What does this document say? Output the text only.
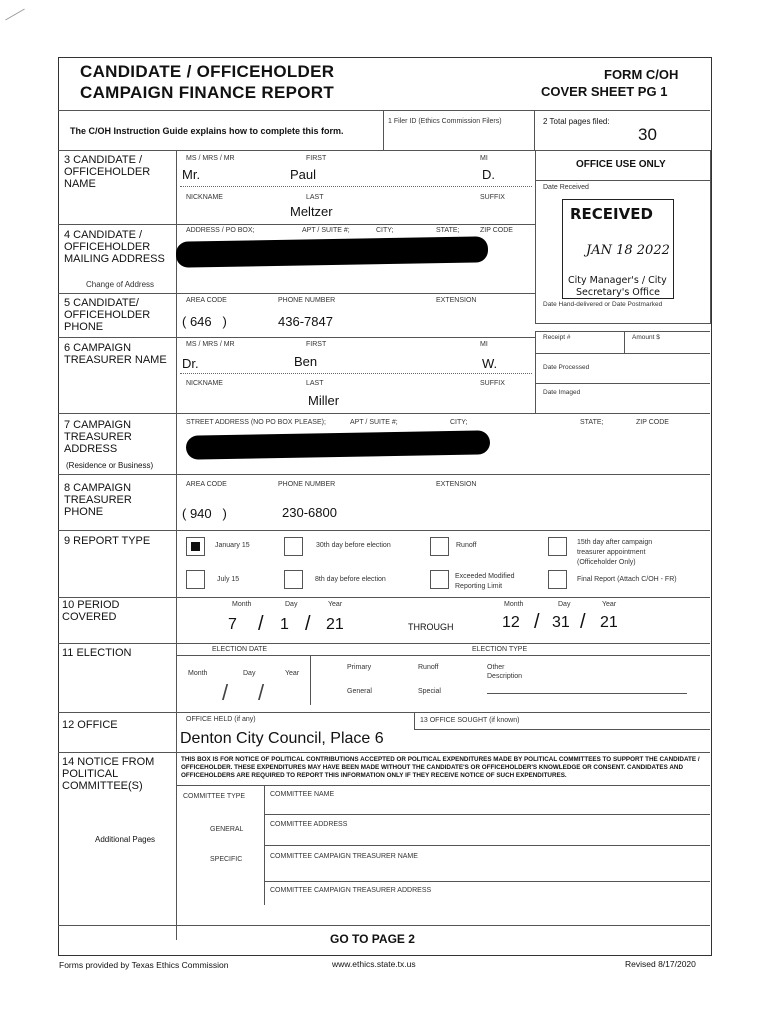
CANDIDATE / OFFICEHOLDER
CAMPAIGN FINANCE REPORT
FORM C/OH
COVER SHEET PG 1
The C/OH Instruction Guide explains how to complete this form.
1 Filer ID (Ethics Commission Filers)	2 Total pages filed:
30
OFFICE USE ONLY
Date Received
RECEIVED
JAN 18 2022
City Manager's / City
Secretary's Office
Date Hand-delivered or Date Postmarked
Receipt #	Amount $
Date Processed
Date Imaged
3 CANDIDATE / OFFICEHOLDER NAME
MS / MRS / MR	FIRST	MI
Mr.	Paul	D.
NICKNAME	LAST	SUFFIX
Meltzer
4 CANDIDATE / OFFICEHOLDER MAILING ADDRESS
ADDRESS / PO BOX;	APT / SUITE #;	CITY;	STATE;	ZIP CODE
Change of Address
5 CANDIDATE/ OFFICEHOLDER PHONE
AREA CODE	PHONE NUMBER	EXTENSION
( 646   )	436-7847
6 CAMPAIGN TREASURER NAME
MS / MRS / MR	FIRST	MI
Dr.	Ben	W.
NICKNAME	LAST	SUFFIX
Miller
7 CAMPAIGN TREASURER ADDRESS
STREET ADDRESS (NO PO BOX PLEASE);	APT / SUITE #;	CITY;	STATE;	ZIP CODE
(Residence or Business)
8 CAMPAIGN TREASURER PHONE
AREA CODE	PHONE NUMBER	EXTENSION
( 940   )	230-6800
9 REPORT TYPE	January 15	30th day before election	Runoff	15th day after campaign
treasurer appointment
(Officeholder Only)
July 15	8th day before election	Exceeded Modified
Reporting Limit
Final Report (Attach C/OH - FR)
10 PERIOD COVERED
Month	Day	Year
7 / 1 / 21	THROUGH
Month	Day	Year
12 / 31 / 21
11 ELECTION	ELECTION DATE	ELECTION TYPE
Month	Day	Year
/ /
Primary	Runoff	Other
Description
General	Special
12 OFFICE	OFFICE HELD (if any)
Denton City Council, Place 6
13 OFFICE SOUGHT (if known)
14 NOTICE FROM POLITICAL COMMITTEE(S)
THIS BOX IS FOR NOTICE OF POLITICAL CONTRIBUTIONS ACCEPTED OR POLITICAL EXPENDITURES MADE BY POLITICAL COMMITTEES TO SUPPORT THE CANDIDATE / OFFICEHOLDER. THESE EXPENDITURES MAY HAVE BEEN MADE WITHOUT THE CANDIDATE'S OR OFFICEHOLDER'S KNOWLEDGE OR CONSENT. CANDIDATES AND OFFICEHOLDERS ARE REQUIRED TO REPORT THIS INFORMATION ONLY IF THEY RECEIVE NOTICE OF SUCH EXPENDITURES.
COMMITTEE TYPE	COMMITTEE NAME
GENERAL
COMMITTEE ADDRESS
Additional Pages
SPECIFIC	COMMITTEE CAMPAIGN TREASURER NAME
COMMITTEE CAMPAIGN TREASURER ADDRESS
GO TO PAGE 2
Forms provided by Texas Ethics Commission	www.ethics.state.tx.us	Revised 8/17/2020
